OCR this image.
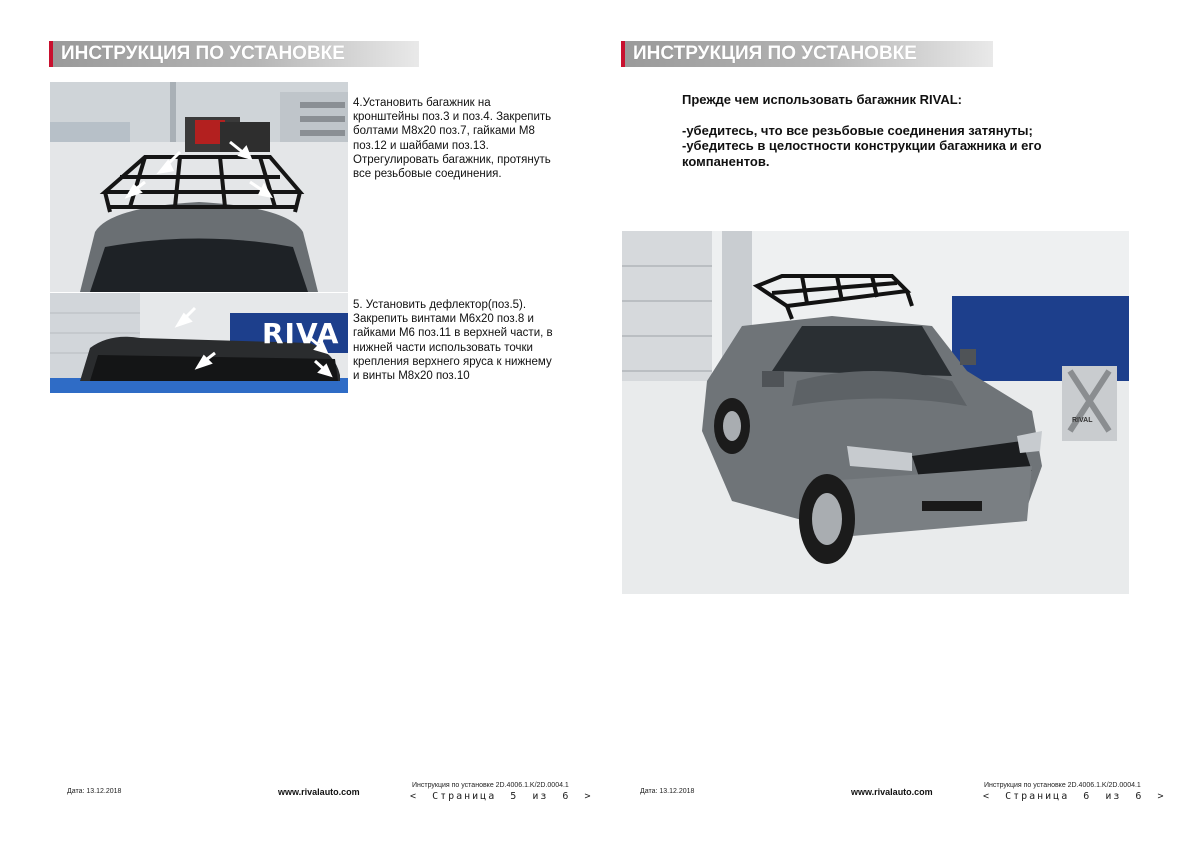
ИНСТРУКЦИЯ ПО УСТАНОВКЕ
4.Установить багажник на кронштейны поз.3 и поз.4. Закрепить болтами М8х20 поз.7, гайками М8 поз.12 и шайбами поз.13. Отрегулировать багажник, протянуть все резьбовые соединения.
RIVA
5. Установить дефлектор(поз.5). Закрепить винтами М6х20 поз.8 и гайками М6 поз.11 в верхней части, в нижней части использовать точки крепления верхнего яруса к нижнему и винты М8х20 поз.10
Дата: 13.12.2018	www.rivalauto.com
Инструкция по установке 2D.4006.1.K/2D.0004.1
< Страница 5 из 6 >
ИНСТРУКЦИЯ ПО УСТАНОВКЕ

Прежде чем использовать багажник RIVAL:

-убедитесь, что все резьбовые соединения затянуты;

-убедитесь в целостности конструкции багажника и его компанентов.

RIVAL
Дата: 13.12.2018	www.rivalauto.com
Инструкция по установке 2D.4006.1.K/2D.0004.1
< Страница 6 из 6 >
